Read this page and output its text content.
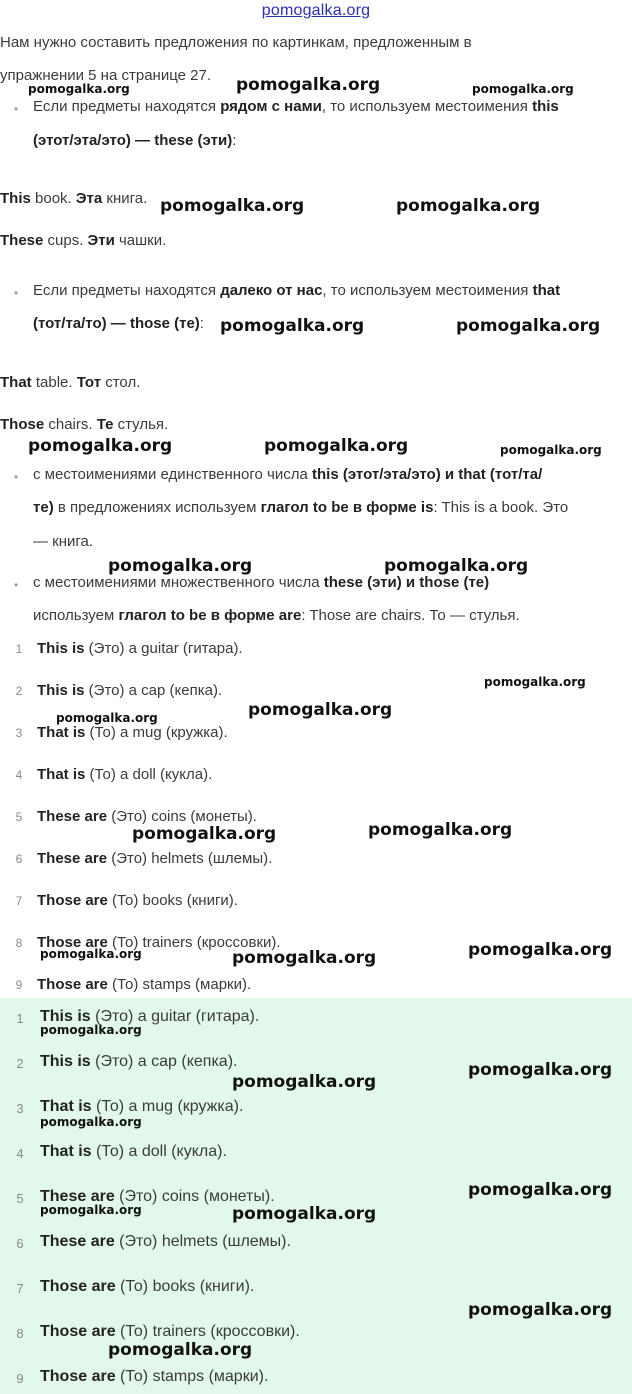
pomogalka.org
Нам нужно составить предложения по картинкам, предложенным в
упражнении 5 на странице 27.
• Если предметы находятся рядом с нами, то используем местоимения this
(этот/эта/это) — these (эти):
This book. Эта книга.
These cups. Эти чашки.
• Если предметы находятся далеко от нас, то используем местоимения that
(тот/та/то) — those (те):
That table. Тот стол.
Those chairs. Те стулья.
• с местоимениями единственного числа this (этот/эта/это) и that (тот/та/
те) в предложениях используем глагол to be в форме is: This is a book. Это
— книга.
• с местоимениями множественного числа these (эти) и those (те)
используем глагол to be в форме are: Those are chairs. То — стулья.
1 This is (Это) a guitar (гитара).
2 This is (Это) a cap (кепка).
3 That is (То) a mug (кружка).
4 That is (То) a doll (кукла).
5 These are (Это) coins (монеты).
6 These are (Это) helmets (шлемы).
7 Those are (То) books (книги).
8 Those are (То) trainers (кроссовки).
9 Those are (То) stamps (марки).
1 This is (Это) a guitar (гитара).
2 This is (Это) a cap (кепка).
3 That is (То) a mug (кружка).
4 That is (То) a doll (кукла).
5 These are (Это) coins (монеты).
6 These are (Это) helmets (шлемы).
7 Those are (То) books (книги).
8 Those are (То) trainers (кроссовки).
9 Those are (То) stamps (марки).
pomogalka.org	pomogalka.org	pomogalka.org
pomogalka.org	pomogalka.org
pomogalka.org	pomogalka.org
pomogalka.org	pomogalka.org	pomogalka.org
pomogalka.org	pomogalka.org
pomogalka.org
pomogalka.org
pomogalka.org
pomogalka.org
pomogalka.org
pomogalka.org
pomogalka.org	pomogalka.org
pomogalka.org
pomogalka.org
pomogalka.org
pomogalka.org
pomogalka.org
pomogalka.org	pomogalka.org
pomogalka.org
pomogalka.org
